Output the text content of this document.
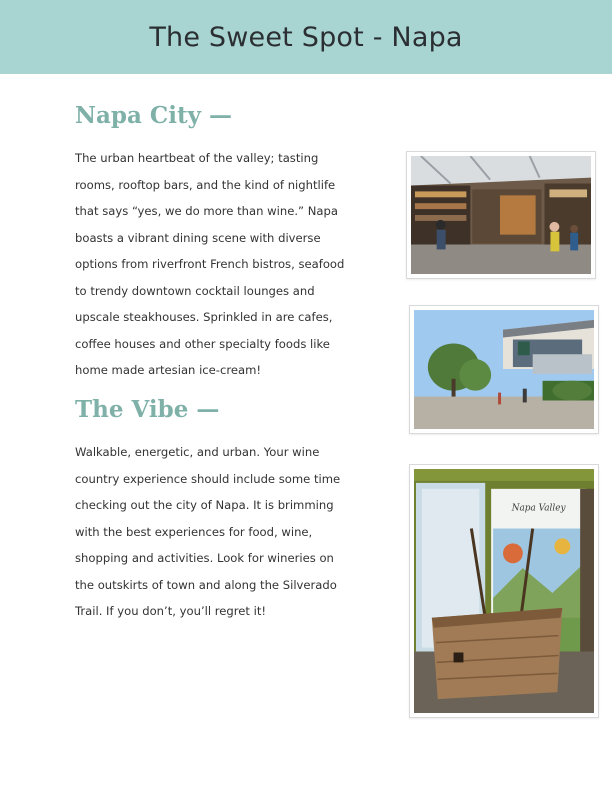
The Sweet Spot - Napa
Napa City —
The urban heartbeat of the valley; tasting
rooms, rooftop bars, and the kind of nightlife
that says “yes, we do more than wine.” Napa
boasts a vibrant dining scene with diverse
options from riverfront French bistros, seafood
to trendy downtown cocktail lounges and
upscale steakhouses. Sprinkled in are cafes,
coffee houses and other specialty foods like
home made artesian ice-cream!
The Vibe —
Walkable, energetic, and urban. Your wine
country experience should include some time
checking out the city of Napa. It is brimming
with the best experiences for food, wine,
shopping and activities. Look for wineries on
the outskirts of town and along the Silverado
Trail. If you don’t, you’ll regret it!
Napa Valley
